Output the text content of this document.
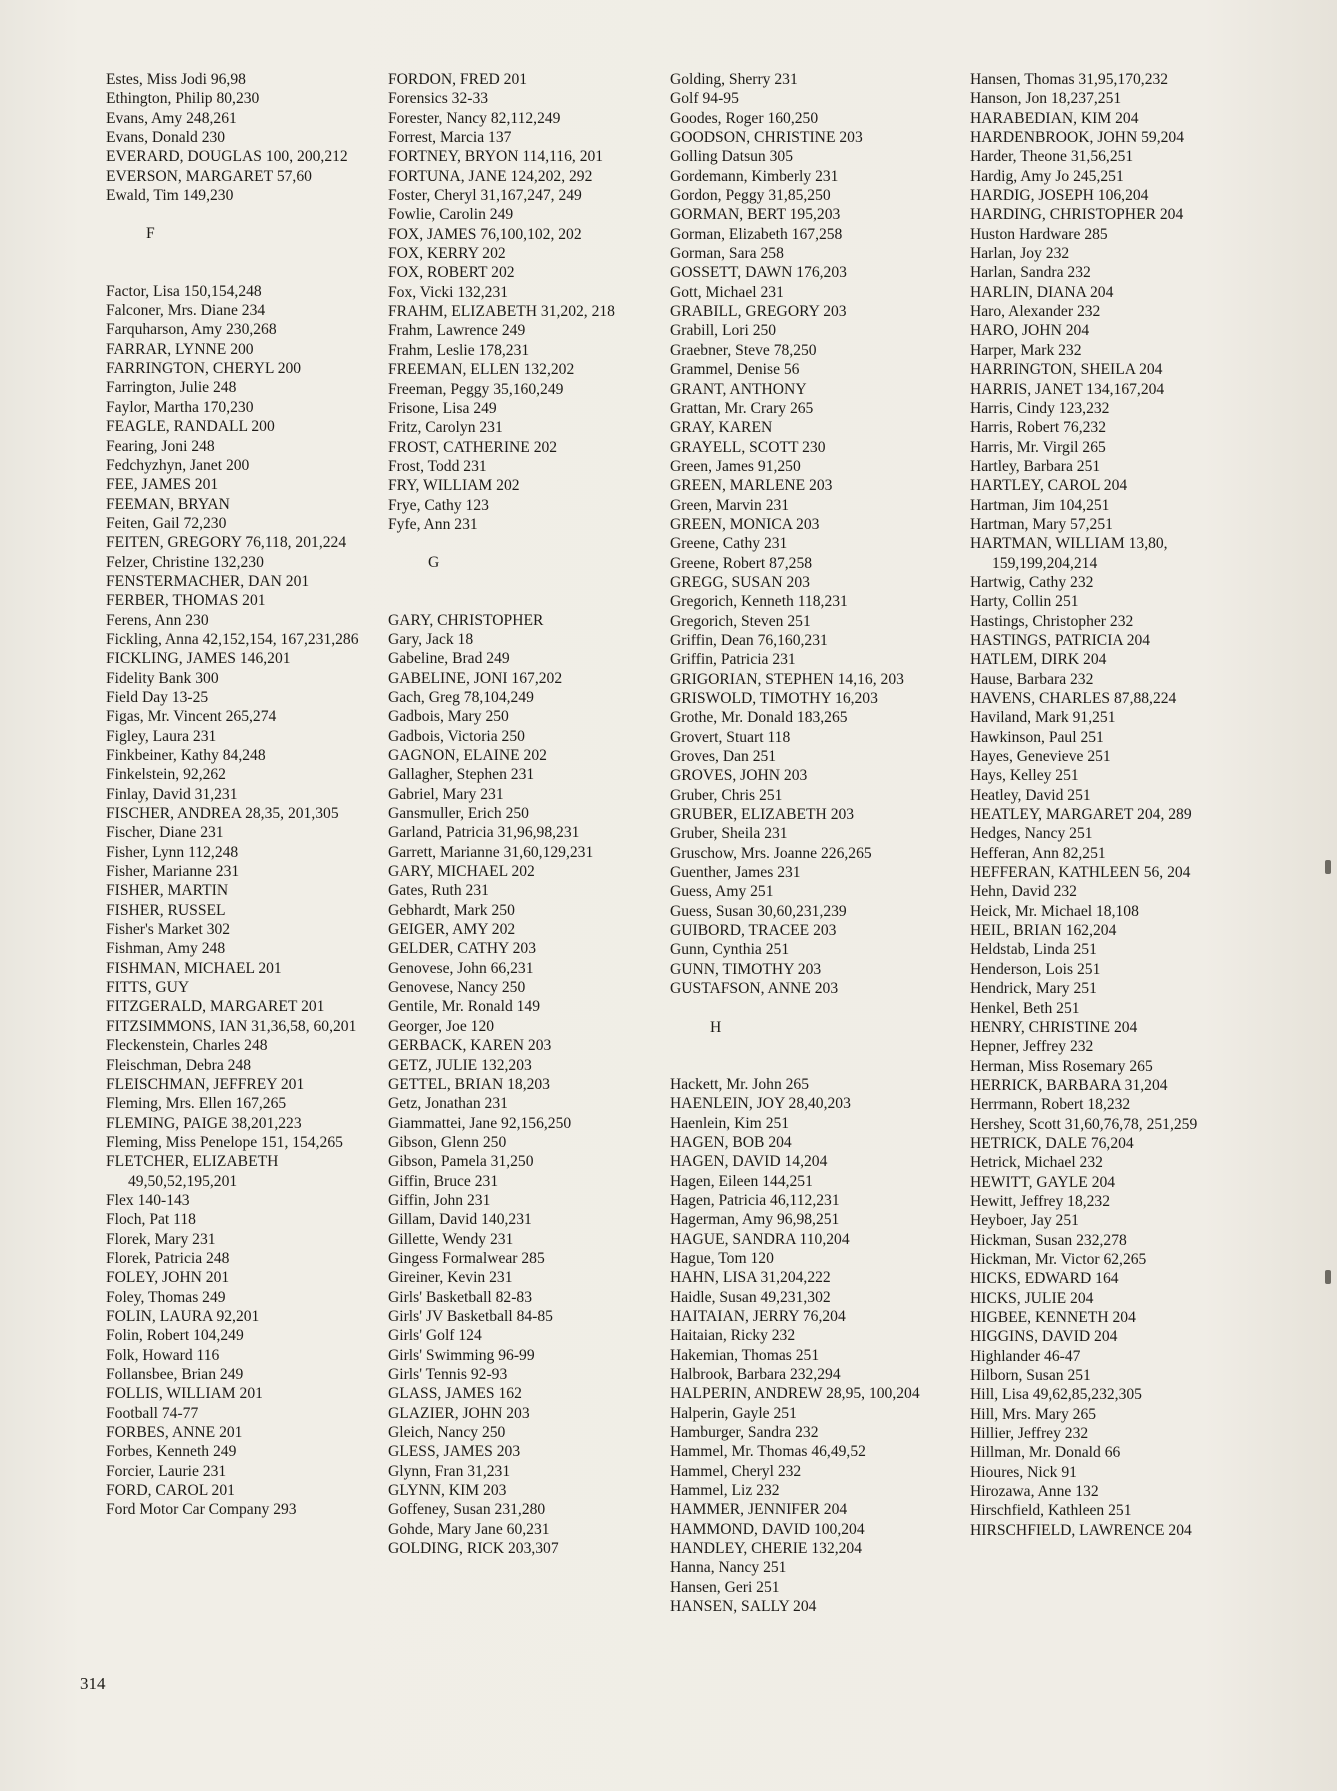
Estes, Miss Jodi 96,98
Ethington, Philip 80,230
Evans, Amy 248,261
Evans, Donald 230
EVERARD, DOUGLAS 100, 200,212
EVERSON, MARGARET 57,60
Ewald, Tim 149,230
F
Factor, Lisa 150,154,248
Falconer, Mrs. Diane 234
Farquharson, Amy 230,268
FARRAR, LYNNE 200
FARRINGTON, CHERYL 200
Farrington, Julie 248
Faylor, Martha 170,230
FEAGLE, RANDALL 200
Fearing, Joni 248
Fedchyzhyn, Janet 200
FEE, JAMES 201
FEEMAN, BRYAN
Feiten, Gail 72,230
FEITEN, GREGORY 76,118, 201,224
Felzer, Christine 132,230
FENSTERMACHER, DAN 201
FERBER, THOMAS 201
Ferens, Ann 230
Fickling, Anna 42,152,154, 167,231,286
FICKLING, JAMES 146,201
Fidelity Bank 300
Field Day 13-25
Figas, Mr. Vincent 265,274
Figley, Laura 231
Finkbeiner, Kathy 84,248
Finkelstein, 92,262
Finlay, David 31,231
FISCHER, ANDREA 28,35, 201,305
Fischer, Diane 231
Fisher, Lynn 112,248
Fisher, Marianne 231
FISHER, MARTIN
FISHER, RUSSEL
Fisher's Market 302
Fishman, Amy 248
FISHMAN, MICHAEL 201
FITTS, GUY
FITZGERALD, MARGARET 201
FITZSIMMONS, IAN 31,36,58, 60,201
Fleckenstein, Charles 248
Fleischman, Debra 248
FLEISCHMAN, JEFFREY 201
Fleming, Mrs. Ellen 167,265
FLEMING, PAIGE 38,201,223
Fleming, Miss Penelope 151, 154,265
FLETCHER, ELIZABETH 49,50,52,195,201
Flex 140-143
Floch, Pat 118
Florek, Mary 231
Florek, Patricia 248
FOLEY, JOHN 201
Foley, Thomas 249
FOLIN, LAURA 92,201
Folin, Robert 104,249
Folk, Howard 116
Follansbee, Brian 249
FOLLIS, WILLIAM 201
Football 74-77
FORBES, ANNE 201
Forbes, Kenneth 249
Forcier, Laurie 231
FORD, CAROL 201
Ford Motor Car Company 293
FORDON, FRED 201
Forensics 32-33
Forester, Nancy 82,112,249
Forrest, Marcia 137
FORTNEY, BRYON 114,116, 201
FORTUNA, JANE 124,202, 292
Foster, Cheryl 31,167,247, 249
Fowlie, Carolin 249
FOX, JAMES 76,100,102, 202
FOX, KERRY 202
FOX, ROBERT 202
Fox, Vicki 132,231
FRAHM, ELIZABETH 31,202, 218
Frahm, Lawrence 249
Frahm, Leslie 178,231
FREEMAN, ELLEN 132,202
Freeman, Peggy 35,160,249
Frisone, Lisa 249
Fritz, Carolyn 231
FROST, CATHERINE 202
Frost, Todd 231
FRY, WILLIAM 202
Frye, Cathy 123
Fyfe, Ann 231
G
GARY, CHRISTOPHER
Gary, Jack 18
Gabeline, Brad 249
GABELINE, JONI 167,202
Gach, Greg 78,104,249
Gadbois, Mary 250
Gadbois, Victoria 250
GAGNON, ELAINE 202
Gallagher, Stephen 231
Gabriel, Mary 231
Gansmuller, Erich 250
Garland, Patricia 31,96,98,231
Garrett, Marianne 31,60,129,231
GARY, MICHAEL 202
Gates, Ruth 231
Gebhardt, Mark 250
GEIGER, AMY 202
GELDER, CATHY 203
Genovese, John 66,231
Genovese, Nancy 250
Gentile, Mr. Ronald 149
Georger, Joe 120
GERBACK, KAREN 203
GETZ, JULIE 132,203
GETTEL, BRIAN 18,203
Getz, Jonathan 231
Giammattei, Jane 92,156,250
Gibson, Glenn 250
Gibson, Pamela 31,250
Giffin, Bruce 231
Giffin, John 231
Gillam, David 140,231
Gillette, Wendy 231
Gingess Formalwear 285
Gireiner, Kevin 231
Girls' Basketball 82-83
Girls' JV Basketball 84-85
Girls' Golf 124
Girls' Swimming 96-99
Girls' Tennis 92-93
GLASS, JAMES 162
GLAZIER, JOHN 203
Gleich, Nancy 250
GLESS, JAMES 203
Glynn, Fran 31,231
GLYNN, KIM 203
Goffeney, Susan 231,280
Gohde, Mary Jane 60,231
GOLDING, RICK 203,307
Golding, Sherry 231
Golf 94-95
Goodes, Roger 160,250
GOODSON, CHRISTINE 203
Golling Datsun 305
Gordemann, Kimberly 231
Gordon, Peggy 31,85,250
GORMAN, BERT 195,203
Gorman, Elizabeth 167,258
Gorman, Sara 258
GOSSETT, DAWN 176,203
Gott, Michael 231
GRABILL, GREGORY 203
Grabill, Lori 250
Graebner, Steve 78,250
Grammel, Denise 56
GRANT, ANTHONY
Grattan, Mr. Crary 265
GRAY, KAREN
GRAYELL, SCOTT 230
Green, James 91,250
GREEN, MARLENE 203
Green, Marvin 231
GREEN, MONICA 203
Greene, Cathy 231
Greene, Robert 87,258
GREGG, SUSAN 203
Gregorich, Kenneth 118,231
Gregorich, Steven 251
Griffin, Dean 76,160,231
Griffin, Patricia 231
GRIGORIAN, STEPHEN 14,16, 203
GRISWOLD, TIMOTHY 16,203
Grothe, Mr. Donald 183,265
Grovert, Stuart 118
Groves, Dan 251
GROVES, JOHN 203
Gruber, Chris 251
GRUBER, ELIZABETH 203
Gruber, Sheila 231
Gruschow, Mrs. Joanne 226,265
Guenther, James 231
Guess, Amy 251
Guess, Susan 30,60,231,239
GUIBORD, TRACEE 203
Gunn, Cynthia 251
GUNN, TIMOTHY 203
GUSTAFSON, ANNE 203
H
Hackett, Mr. John 265
HAENLEIN, JOY 28,40,203
Haenlein, Kim 251
HAGEN, BOB 204
HAGEN, DAVID 14,204
Hagen, Eileen 144,251
Hagen, Patricia 46,112,231
Hagerman, Amy 96,98,251
HAGUE, SANDRA 110,204
Hague, Tom 120
HAHN, LISA 31,204,222
Haidle, Susan 49,231,302
HAITAIAN, JERRY 76,204
Haitaian, Ricky 232
Hakemian, Thomas 251
Halbrook, Barbara 232,294
HALPERIN, ANDREW 28,95, 100,204
Halperin, Gayle 251
Hamburger, Sandra 232
Hammel, Mr. Thomas 46,49,52
Hammel, Cheryl 232
Hammel, Liz 232
HAMMER, JENNIFER 204
HAMMOND, DAVID 100,204
HANDLEY, CHERIE 132,204
Hanna, Nancy 251
Hansen, Geri 251
HANSEN, SALLY 204
Hansen, Thomas 31,95,170,232
Hanson, Jon 18,237,251
HARABEDIAN, KIM 204
HARDENBROOK, JOHN 59,204
Harder, Theone 31,56,251
Hardig, Amy Jo 245,251
HARDIG, JOSEPH 106,204
HARDING, CHRISTOPHER 204
Huston Hardware 285
Harlan, Joy 232
Harlan, Sandra 232
HARLIN, DIANA 204
Haro, Alexander 232
HARO, JOHN 204
Harper, Mark 232
HARRINGTON, SHEILA 204
HARRIS, JANET 134,167,204
Harris, Cindy 123,232
Harris, Robert 76,232
Harris, Mr. Virgil 265
Hartley, Barbara 251
HARTLEY, CAROL 204
Hartman, Jim 104,251
Hartman, Mary 57,251
HARTMAN, WILLIAM 13,80, 159,199,204,214
Hartwig, Cathy 232
Harty, Collin 251
Hastings, Christopher 232
HASTINGS, PATRICIA 204
HATLEM, DIRK 204
Hause, Barbara 232
HAVENS, CHARLES 87,88,224
Haviland, Mark 91,251
Hawkinson, Paul 251
Hayes, Genevieve 251
Hays, Kelley 251
Heatley, David 251
HEATLEY, MARGARET 204, 289
Hedges, Nancy 251
Hefferan, Ann 82,251
HEFFERAN, KATHLEEN 56, 204
Hehn, David 232
Heick, Mr. Michael 18,108
HEIL, BRIAN 162,204
Heldstab, Linda 251
Henderson, Lois 251
Hendrick, Mary 251
Henkel, Beth 251
HENRY, CHRISTINE 204
Hepner, Jeffrey 232
Herman, Miss Rosemary 265
HERRICK, BARBARA 31,204
Herrmann, Robert 18,232
Hershey, Scott 31,60,76,78, 251,259
HETRICK, DALE 76,204
Hetrick, Michael 232
HEWITT, GAYLE 204
Hewitt, Jeffrey 18,232
Heyboer, Jay 251
Hickman, Susan 232,278
Hickman, Mr. Victor 62,265
HICKS, EDWARD 164
HICKS, JULIE 204
HIGBEE, KENNETH 204
HIGGINS, DAVID 204
Highlander 46-47
Hilborn, Susan 251
Hill, Lisa 49,62,85,232,305
Hill, Mrs. Mary 265
Hillier, Jeffrey 232
Hillman, Mr. Donald 66
Hioures, Nick 91
Hirozawa, Anne 132
Hirschfield, Kathleen 251
HIRSCHFIELD, LAWRENCE 204
314
